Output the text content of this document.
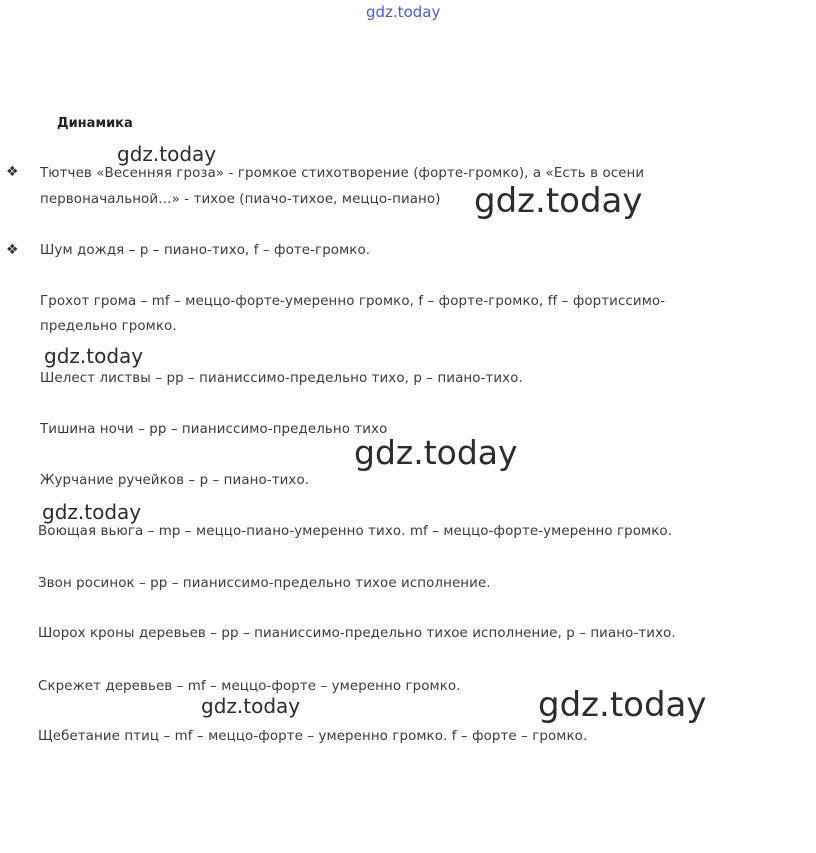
gdz.today
Динамика
❖ Тютчев «Весенняя гроза» - громкое стихотворение (форте-громко), а «Есть в осени
первоначальной…» - тихое (пиачо-тихое, меццо-пиано)
❖ Шум дождя – p – пиано-тихо, f – фоте-громко.
Грохот грома – mf – меццо-форте-умеренно громко, f – форте-громко, ff – фортиссимо-
предельно громко.
Шелест листвы – pp – пианиссимо-предельно тихо, p – пиано-тихо.
Тишина ночи – pp – пианиссимо-предельно тихо
Журчание ручейков – p – пиано-тихо.
Воющая вьюга – mp – меццо-пиано-умеренно тихо. mf – меццо-форте-умеренно громко.
Звон росинок – pp – пианиссимо-предельно тихое исполнение.
Шорох кроны деревьев – pp – пианиссимо-предельно тихое исполнение, p – пиано-тихо.
Скрежет деревьев – mf – меццо-форте – умеренно громко.
Щебетание птиц – mf – меццо-форте – умеренно громко. f – форте – громко.
gdz.today
gdz.today
gdz.today
gdz.today
gdz.today
gdz.today	gdz.today
